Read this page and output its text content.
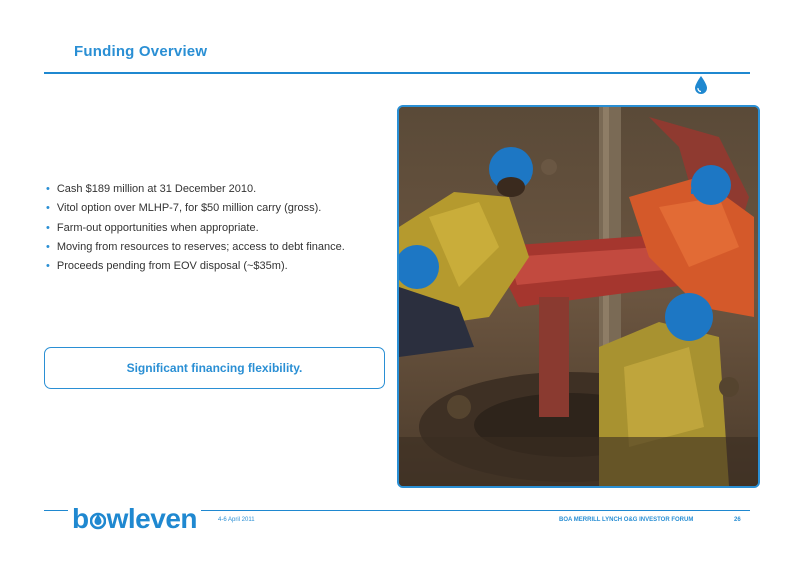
Funding Overview
• Cash $189 million at 31 December 2010.
• Vitol option over MLHP-7, for $50 million carry (gross).
• Farm-out opportunities when appropriate.
• Moving from resources to reserves; access to debt finance.
• Proceeds pending from EOV disposal (~$35m).
Significant financing flexibility.
b wleven	4-6 April 2011	BOA MERRILL LYNCH O&G INVESTOR FORUM	26
